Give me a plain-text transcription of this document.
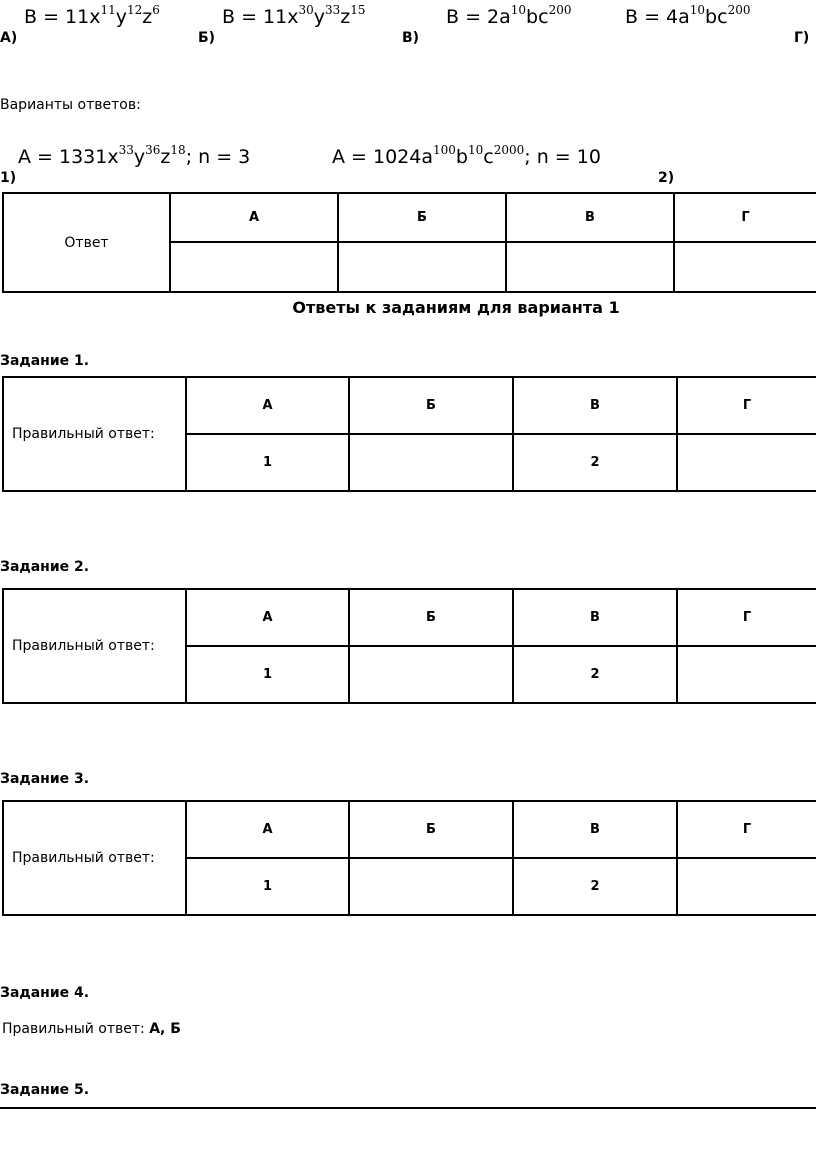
А)
$В = 11x^{11}y^{12}z^6$
Б)
$В = 11x^{30}y^{33}z^{15}$
В)
$В = 2a^{10}bc^{200}$	$В = 4a^{10}bc^{200}$
Г)
Варианты ответов:
$А = 1331x^{33}y^{36}z^{18}$; n = 3
1)
$А = 1024a^{100}b^{10}c^{2000}$; n = 10
2)
Ответ	А	Б	В	Г

Ответы к заданиям для варианта 1
Задание 1.
Правильный ответ:	А	Б	В	Г
	1		2	
Задание 2.
Правильный ответ:	А	Б	В	Г
	1		2	
Задание 3.
Правильный ответ:	А	Б	В	Г
	1		2	
Задание 4.
Правильный ответ: А, Б
Задание 5.
